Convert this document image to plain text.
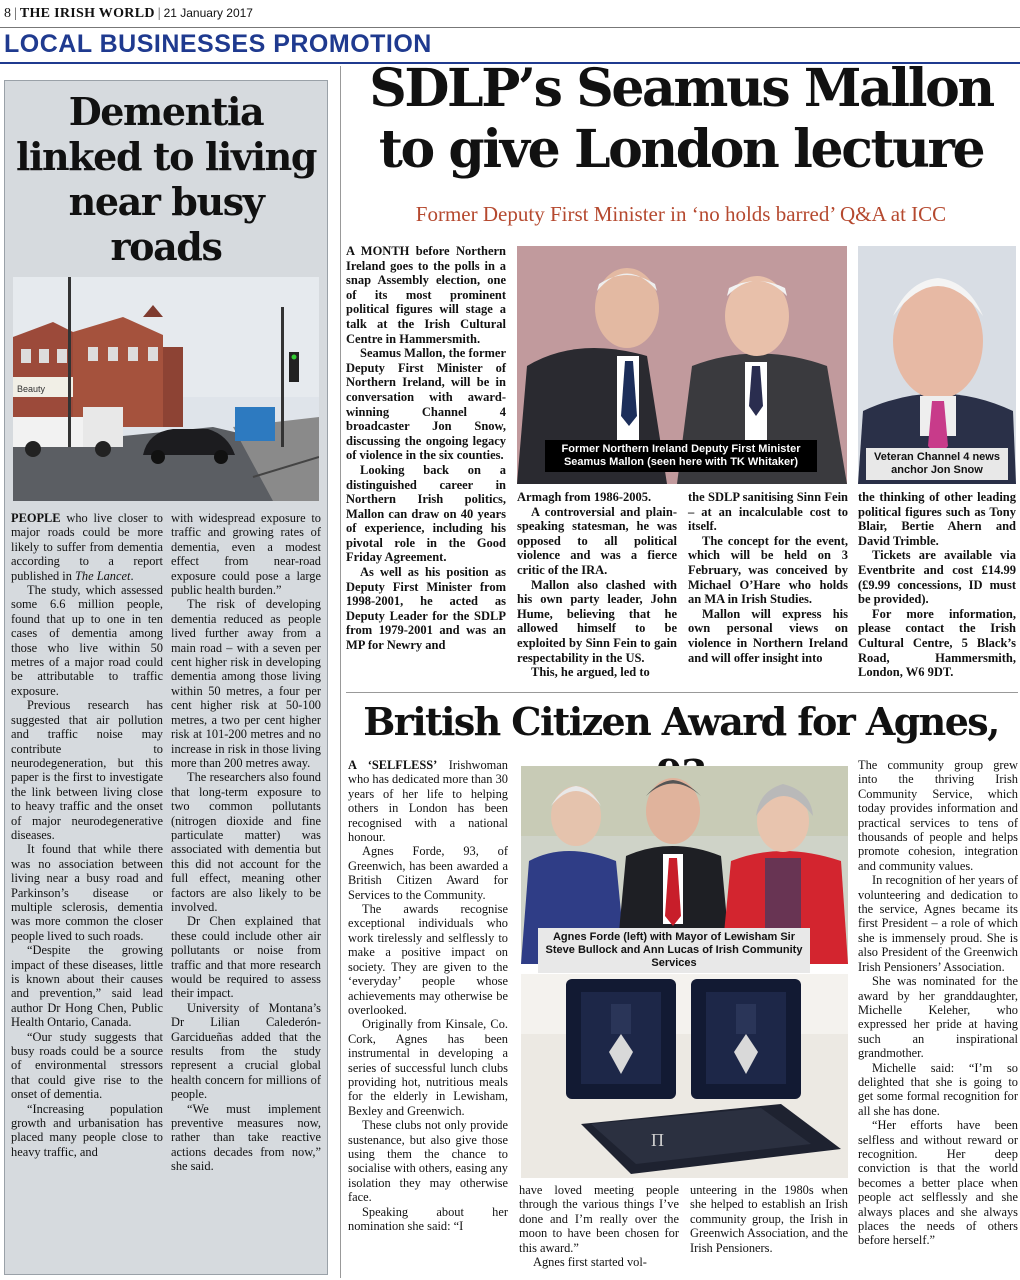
8 | THE IRISH WORLD | 21 January 2017
LOCAL BUSINESSES PROMOTION
Dementia linked to living near busy roads
Beauty

PEOPLE who live closer to major roads could be more likely to suffer from dementia according to a report published in The Lancet.

The study, which assessed some 6.6 million people, found that up to one in ten cases of dementia among those who live within 50 metres of a major road could be attributable to traffic exposure.

Previous research has suggested that air pollution and traffic noise may contribute to neurodegeneration, but this paper is the first to investigate the link between living close to heavy traffic and the onset of major neurodegenerative diseases.

It found that while there was no association between living near a busy road and Parkinson’s disease or multiple sclerosis, dementia was more common the closer people lived to such roads.

“Despite the growing impact of these diseases, little is known about their causes and prevention,” said lead author Dr Hong Chen, Public Health Ontario, Canada.

“Our study suggests that busy roads could be a source of environmental stressors that could give rise to the onset of dementia.

“Increasing population growth and urbanisation has placed many people close to heavy traffic, and

with widespread exposure to traffic and growing rates of dementia, even a modest effect from near-road exposure could pose a large public health burden.”

The risk of developing dementia reduced as people lived further away from a main road – with a seven per cent higher risk in developing dementia among those living within 50 metres, a four per cent higher risk at 50-100 metres, a two per cent higher risk at 101-200 metres and no increase in risk in those living more than 200 metres away.

The researchers also found that long-term exposure to two common pollutants (nitrogen dioxide and fine particulate matter) was associated with dementia but this did not account for the full effect, meaning other factors are also likely to be involved.

Dr Chen explained that these could include other air pollutants or noise from traffic and that more research would be required to assess their impact.

University of Montana’s Dr Lilian Calederón-Garcidueñas added that the results from the study represent a crucial global health concern for millions of people.

“We must implement preventive measures now, rather than take reactive actions decades from now,” she said.

SDLP’s Seamus Mallon to give London lecture
Former Deputy First Minister in ‘no holds barred’ Q&A at ICC

A MONTH before Northern Ireland goes to the polls in a snap Assembly election, one of its most prominent political figures will stage a talk at the Irish Cultural Centre in Hammersmith.

Seamus Mallon, the former Deputy First Minister of Northern Ireland, will be in conversation with award-winning Channel 4 broadcaster Jon Snow, discussing the ongoing legacy of violence in the six counties.

Looking back on a distinguished career in Northern Irish politics, Mallon can draw on 40 years of experience, including his pivotal role in the Good Friday Agreement.

As well as his position as Deputy First Minister from 1998-2001, he acted as Deputy Leader for the SDLP from 1979-2001 and was an MP for Newry and

Former Northern Ireland Deputy First Minister Seamus Mallon (seen here with TK Whitaker)	Veteran Channel 4 news anchor Jon Snow

Armagh from 1986-2005.

A controversial and plain-speaking statesman, he was opposed to all political violence and was a fierce critic of the IRA.

Mallon also clashed with his own party leader, John Hume, believing that he allowed himself to be exploited by Sinn Fein to gain respectability in the US.

This, he argued, led to

the SDLP sanitising Sinn Fein – at an incalculable cost to itself.

The concept for the event, which will be held on 3 February, was conceived by Michael O’Hare who holds an MA in Irish Studies.

Mallon will express his own personal views on violence in Northern Ireland and will offer insight into

the thinking of other leading political figures such as Tony Blair, Bertie Ahern and David Trimble.

Tickets are available via Eventbrite and cost £14.99 (£9.99 concessions, ID must be provided).

For more information, please contact the Irish Cultural Centre, 5 Black’s Road, Hammersmith, London, W6 9DT.

British Citizen Award for Agnes,

A ‘SELFLESS’ Irishwoman who has dedicated more than 30 years of her life to helping others in London has been recognised with a national honour.

Agnes Forde, 93, of Greenwich, has been awarded a British Citizen Award for Services to the Community.

The awards recognise exceptional individuals who work tirelessly and selflessly to make a positive impact on society. They are given to the ‘everyday’ people whose achievements may otherwise be overlooked.

Originally from Kinsale, Co. Cork, Agnes has been instrumental in developing a series of successful lunch clubs providing hot, nutritious meals for the elderly in Lewisham, Bexley and Greenwich.

These clubs not only provide sustenance, but also give those using them the chance to socialise with others, easing any isolation they may otherwise face.

Speaking about her nomination she said: “I

Agnes Forde (left) with Mayor of Lewisham Sir Steve Bullock and Ann Lucas of Irish Community Services
Π

have loved meeting people through the various things I’ve done and I’m really over the moon to have been chosen for this award.”

Agnes first started vol-

unteering in the 1980s when she helped to establish an Irish community group, the Irish in Greenwich Association, and the Irish Pensioners.

The community group grew into the thriving Irish Community Service, which today provides information and practical services to tens of thousands of people and helps promote cohesion, integration and community values.

In recognition of her years of volunteering and dedication to the service, Agnes became its first President – a role of which she is immensely proud. She is also President of the Greenwich Irish Pensioners’ Association.

She was nominated for the award by her granddaughter, Michelle Keleher, who expressed her pride at having such an inspirational grandmother.

Michelle said: “I’m so delighted that she is going to get some formal recognition for all she has done.

“Her efforts have been selfless and without reward or recognition. Her deep conviction is that the world becomes a better place when people act selflessly and she always places and she always places the needs of others before herself.”
